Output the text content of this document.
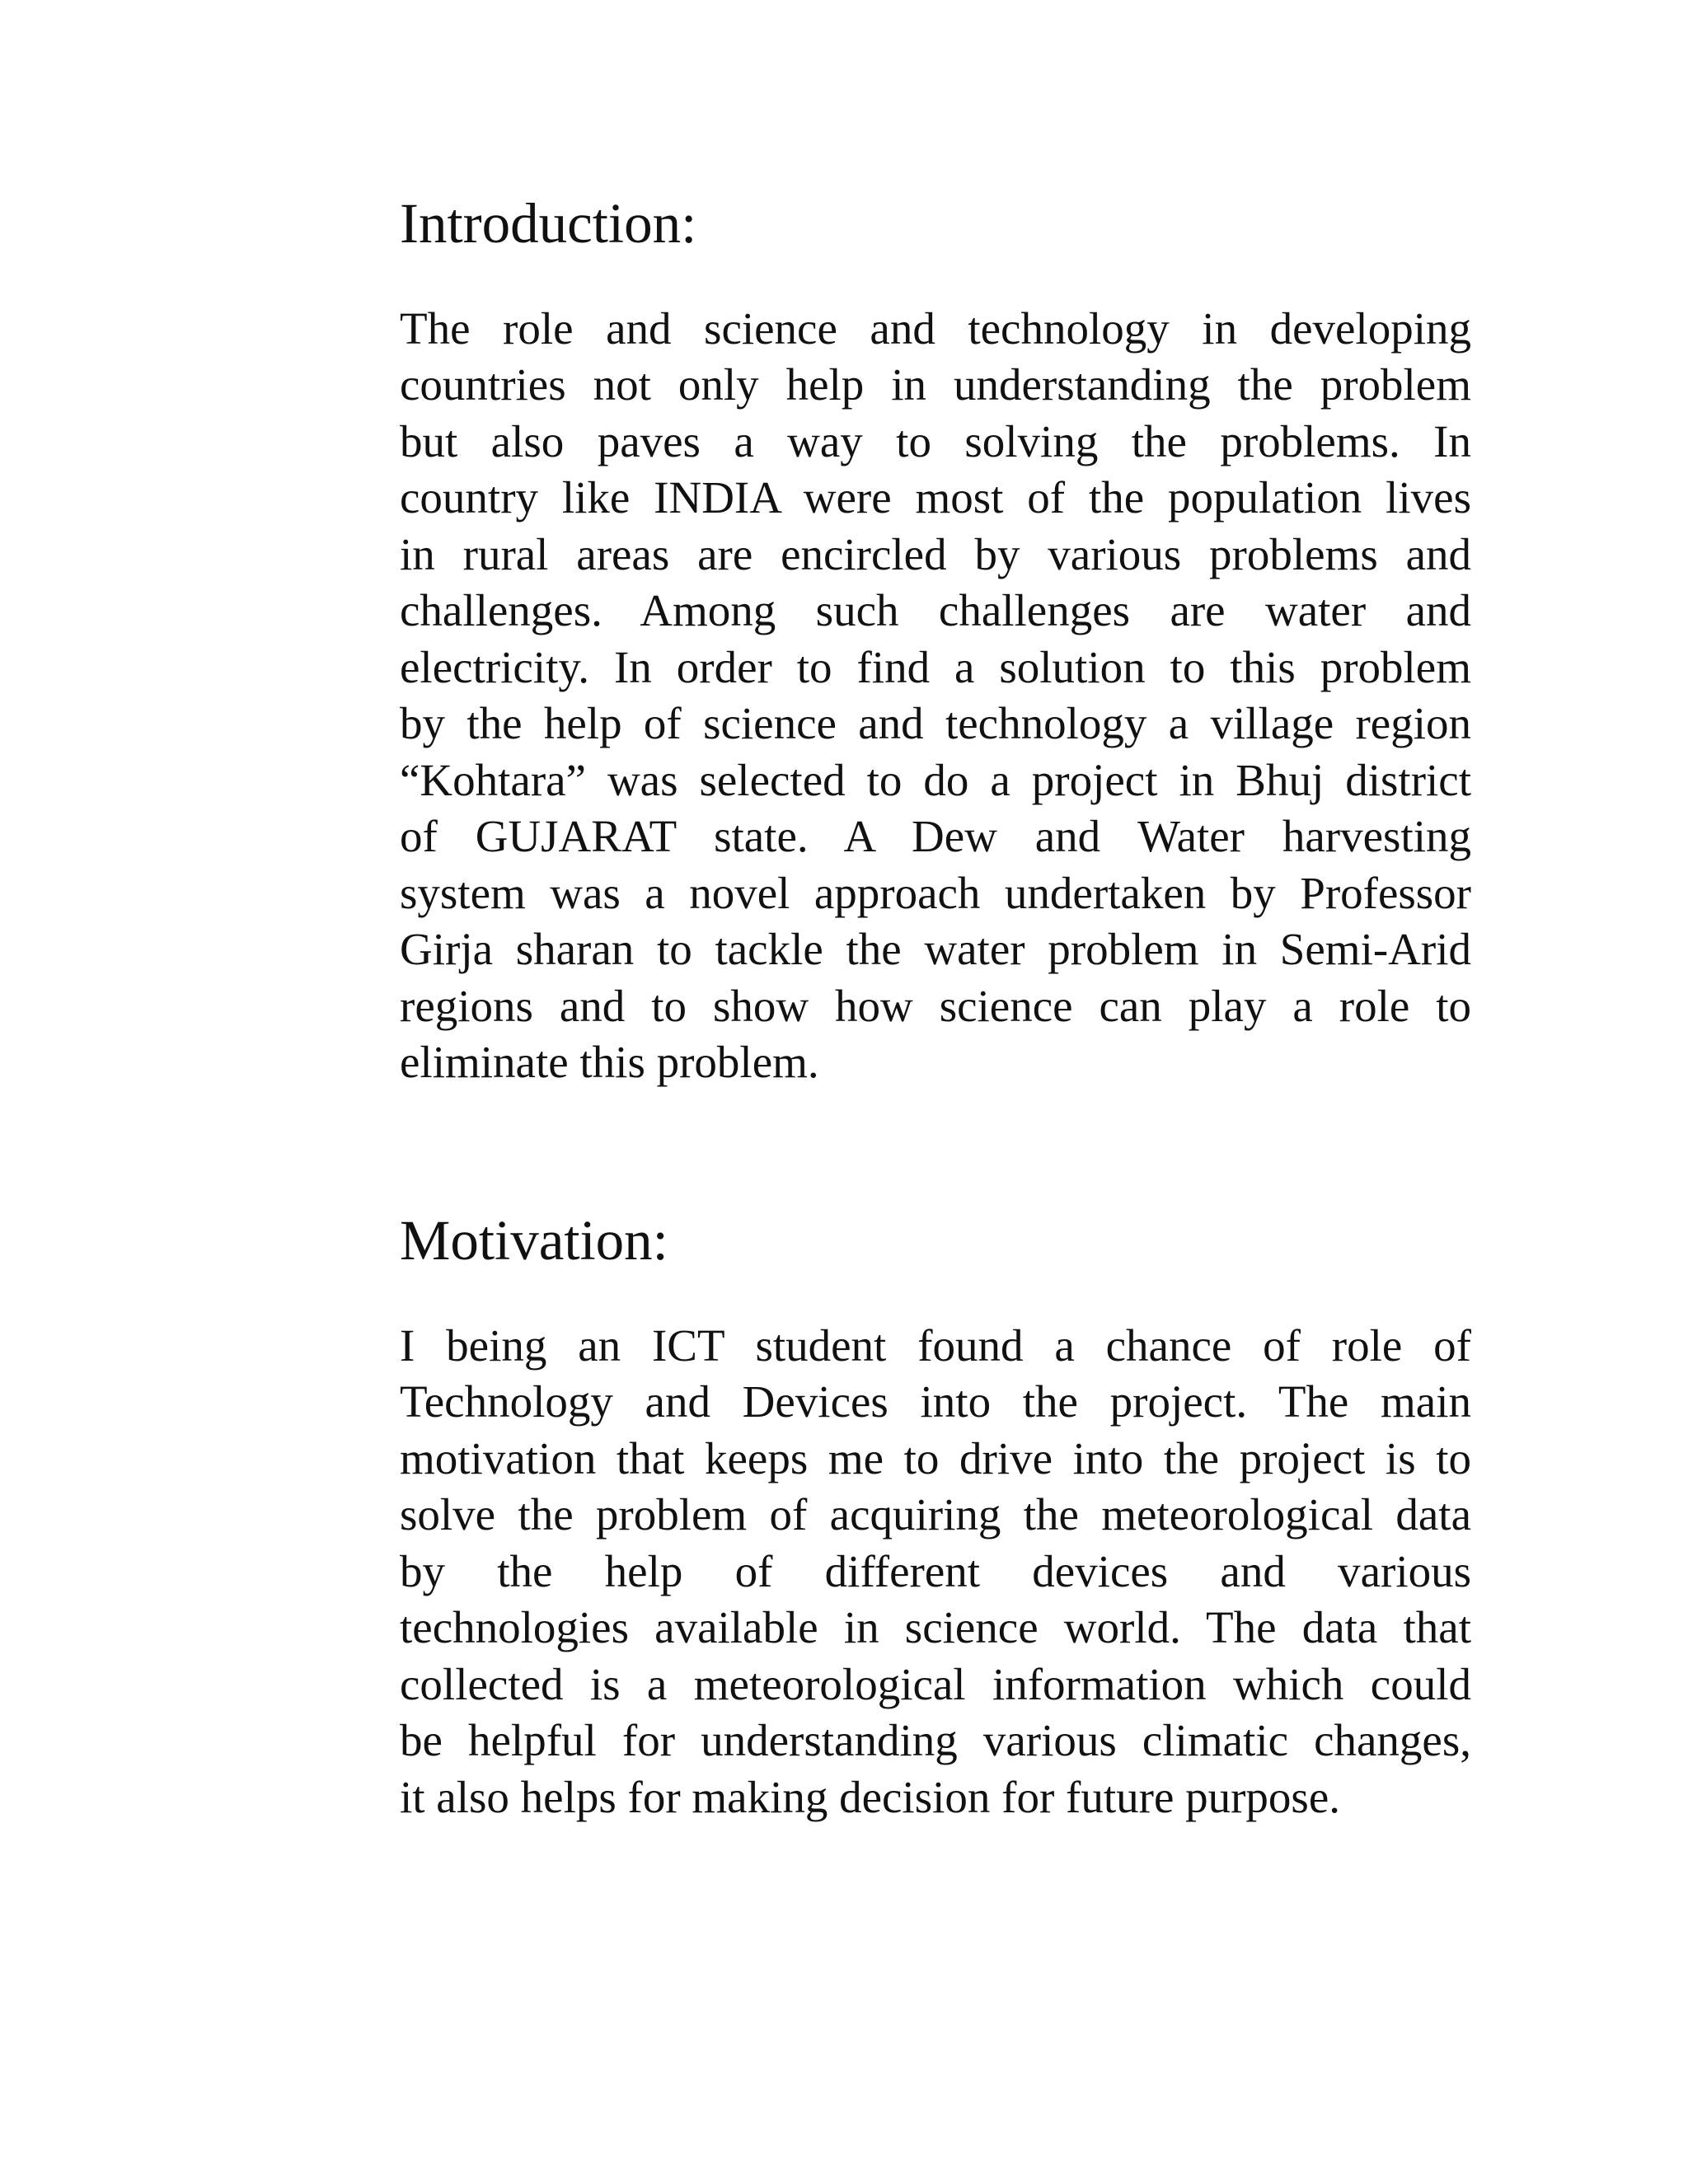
Introduction:
The role and science and technology in developing
countries not only help in understanding the problem
but also paves a way to solving the problems. In
country like INDIA were most of the population lives
in rural areas are encircled by various problems and
challenges. Among such challenges are water and
electricity. In order to find a solution to this problem
by the help of science and technology a village region
“Kohtara” was selected to do a project in Bhuj district
of GUJARAT state. A Dew and Water harvesting
system was a novel approach undertaken by Professor
Girja sharan to tackle the water problem in Semi-Arid
regions and to show how science can play a role to
eliminate this problem.
Motivation:
I being an ICT student found a chance of role of
Technology and Devices into the project. The main
motivation that keeps me to drive into the project is to
solve the problem of acquiring the meteorological data
by the help of different devices and various
technologies available in science world. The data that
collected is a meteorological information which could
be helpful for understanding various climatic changes,
it also helps for making decision for future purpose.
